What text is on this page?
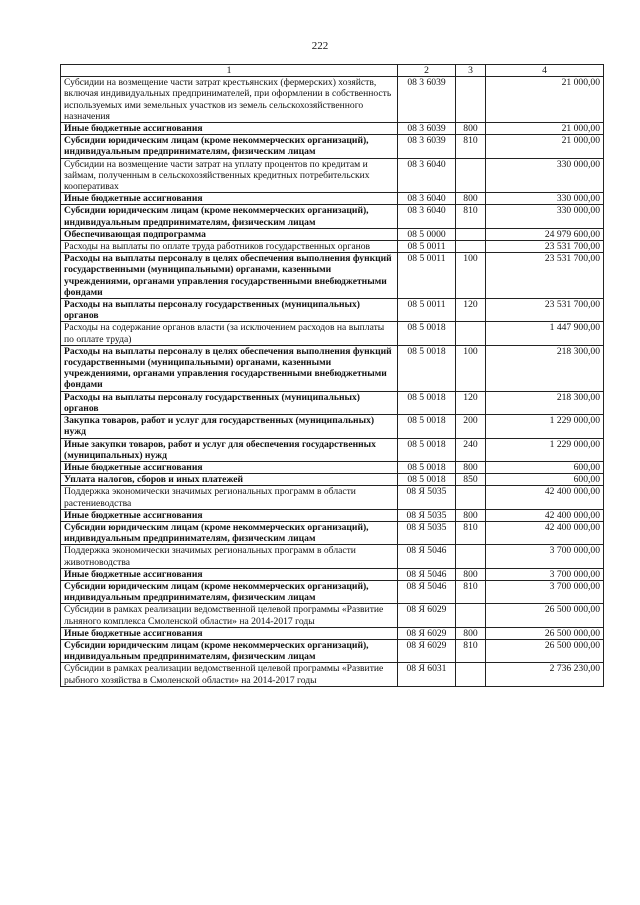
222
1	2	3	4
Субсидии на возмещение части затрат крестьянских (фермерских) хозяйств, включая индивидуальных предпринимателей, при оформлении в собственность используемых ими земельных участков из земель сельскохозяйственного назначения	08 3 6039		21 000,00
Иные бюджетные ассигнования	08 3 6039	800	21 000,00
Субсидии юридическим лицам (кроме некоммерческих организаций), индивидуальным предпринимателям, физическим лицам	08 3 6039	810	21 000,00
Субсидии на возмещение части затрат на уплату процентов по кредитам и займам, полученным в сельскохозяйственных кредитных потребительских кооперативах	08 3 6040		330 000,00
Иные бюджетные ассигнования	08 3 6040	800	330 000,00
Субсидии юридическим лицам (кроме некоммерческих организаций), индивидуальным предпринимателям, физическим лицам	08 3 6040	810	330 000,00
Обеспечивающая подпрограмма	08 5 0000		24 979 600,00
Расходы на выплаты по оплате труда работников государственных органов	08 5 0011		23 531 700,00
Расходы на выплаты персоналу в целях обеспечения выполнения функций государственными (муниципальными) органами, казенными учреждениями, органами управления государственными внебюджетными фондами	08 5 0011	100	23 531 700,00
Расходы на выплаты персоналу государственных (муниципальных) органов	08 5 0011	120	23 531 700,00
Расходы на содержание органов власти (за исключением расходов на выплаты по оплате труда)	08 5 0018		1 447 900,00
Расходы на выплаты персоналу в целях обеспечения выполнения функций государственными (муниципальными) органами, казенными учреждениями, органами управления государственными внебюджетными фондами	08 5 0018	100	218 300,00
Расходы на выплаты персоналу государственных (муниципальных) органов	08 5 0018	120	218 300,00
Закупка товаров, работ и услуг для государственных (муниципальных) нужд	08 5 0018	200	1 229 000,00
Иные закупки товаров, работ и услуг для обеспечения государственных (муниципальных) нужд	08 5 0018	240	1 229 000,00
Иные бюджетные ассигнования	08 5 0018	800	600,00
Уплата налогов, сборов и иных платежей	08 5 0018	850	600,00
Поддержка экономически значимых региональных программ в области растениеводства	08 Я 5035		42 400 000,00
Иные бюджетные ассигнования	08 Я 5035	800	42 400 000,00
Субсидии юридическим лицам (кроме некоммерческих организаций), индивидуальным предпринимателям, физическим лицам	08 Я 5035	810	42 400 000,00
Поддержка экономически значимых региональных программ в области животноводства	08 Я 5046		3 700 000,00
Иные бюджетные ассигнования	08 Я 5046	800	3 700 000,00
Субсидии юридическим лицам (кроме некоммерческих организаций), индивидуальным предпринимателям, физическим лицам	08 Я 5046	810	3 700 000,00
Субсидии в рамках реализации ведомственной целевой программы «Развитие льняного комплекса Смоленской области» на 2014-2017 годы	08 Я 6029		26 500 000,00
Иные бюджетные ассигнования	08 Я 6029	800	26 500 000,00
Субсидии юридическим лицам (кроме некоммерческих организаций), индивидуальным предпринимателям, физическим лицам	08 Я 6029	810	26 500 000,00
Субсидии в рамках реализации ведомственной целевой программы «Развитие рыбного хозяйства в Смоленской области» на 2014-2017 годы	08 Я 6031		2 736 230,00
